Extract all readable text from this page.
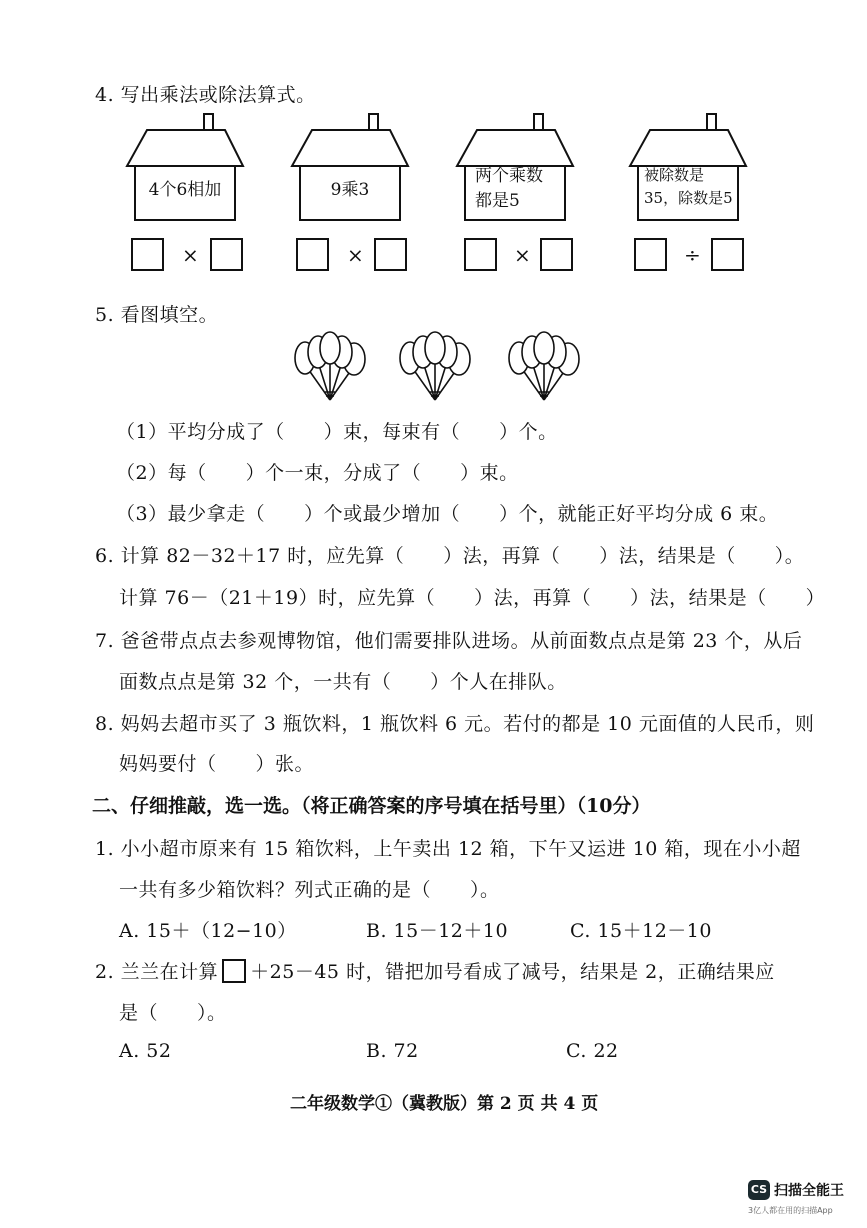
4. 写出乘法或除法算式。
4个6相加	9乘3
两个乘数都是5
被除数是35，除数是5
×	×	×	÷
5. 看图填空。
（1）平均分成了（　　）束，每束有（　　）个。
（2）每（　　）个一束，分成了（　　）束。
（3）最少拿走（　　）个或最少增加（　　）个，就能正好平均分成 6 束。
6. 计算 82－32＋17 时，应先算（　　）法，再算（　　）法，结果是（　　）。
计算 76－（21＋19）时，应先算（　　）法，再算（　　）法，结果是（　　）
7. 爸爸带点点去参观博物馆，他们需要排队进场。从前面数点点是第 23 个，从后
面数点点是第 32 个，一共有（　　）个人在排队。
8. 妈妈去超市买了 3 瓶饮料，1 瓶饮料 6 元。若付的都是 10 元面值的人民币，则
妈妈要付（　　）张。
二、仔细推敲，选一选。（将正确答案的序号填在括号里）（10分）
1. 小小超市原来有 15 箱饮料，上午卖出 12 箱，下午又运进 10 箱，现在小小超
一共有多少箱饮料？列式正确的是（　　）。
A. 15＋（12−10）	B. 15－12＋10	C. 15＋12－10
2. 兰兰在计算 ＋25－45 时，错把加号看成了减号，结果是 2，正确结果应
是（　　）。
A. 52	B. 72	C. 22
二年级数学①（冀教版）第 2 页 共 4 页
CS 扫描全能王
3亿人都在用的扫描App
